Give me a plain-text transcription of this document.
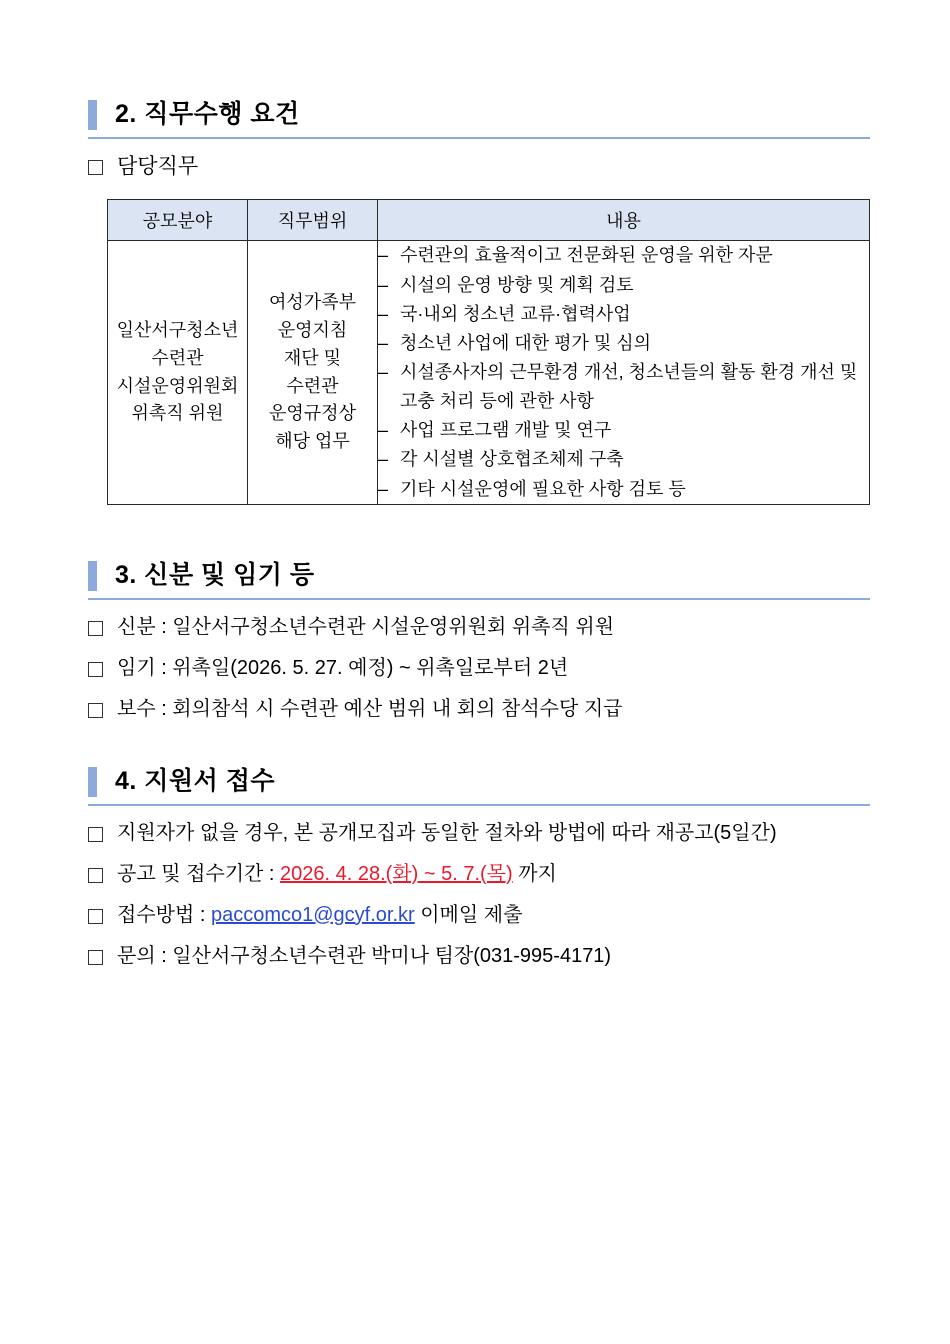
2. 직무수행 요건
담당직무
공모분야	직무범위	내용

일산서구청소년
수련관
시설운영위원회
위촉직 위원

여성가족부
운영지침
재단 및
수련관
운영규정상
해당 업무

– 수련관의 효율적이고 전문화된 운영을 위한 자문
– 시설의 운영 방향 및 계획 검토
– 국·내외 청소년 교류·협력사업
– 청소년 사업에 대한 평가 및 심의
– 시설종사자의 근무환경 개선, 청소년들의 활동 환경 개선 및 고충 처리 등에 관한 사항
– 사업 프로그램 개발 및 연구
– 각 시설별 상호협조체제 구축
– 기타 시설운영에 필요한 사항 검토 등
3. 신분 및 임기 등
신분 : 일산서구청소년수련관 시설운영위원회 위촉직 위원
임기 : 위촉일(2026. 5. 27. 예정) ~ 위촉일로부터 2년
보수 : 회의참석 시 수련관 예산 범위 내 회의 참석수당 지급
4. 지원서 접수
지원자가 없을 경우, 본 공개모집과 동일한 절차와 방법에 따라 재공고(5일간)
공고 및 접수기간 : 2026. 4. 28.(화) ~ 5. 7.(목) 까지
접수방법 : paccomco1@gcyf.or.kr 이메일 제출
문의 : 일산서구청소년수련관 박미나 팀장(031-995-4171)
